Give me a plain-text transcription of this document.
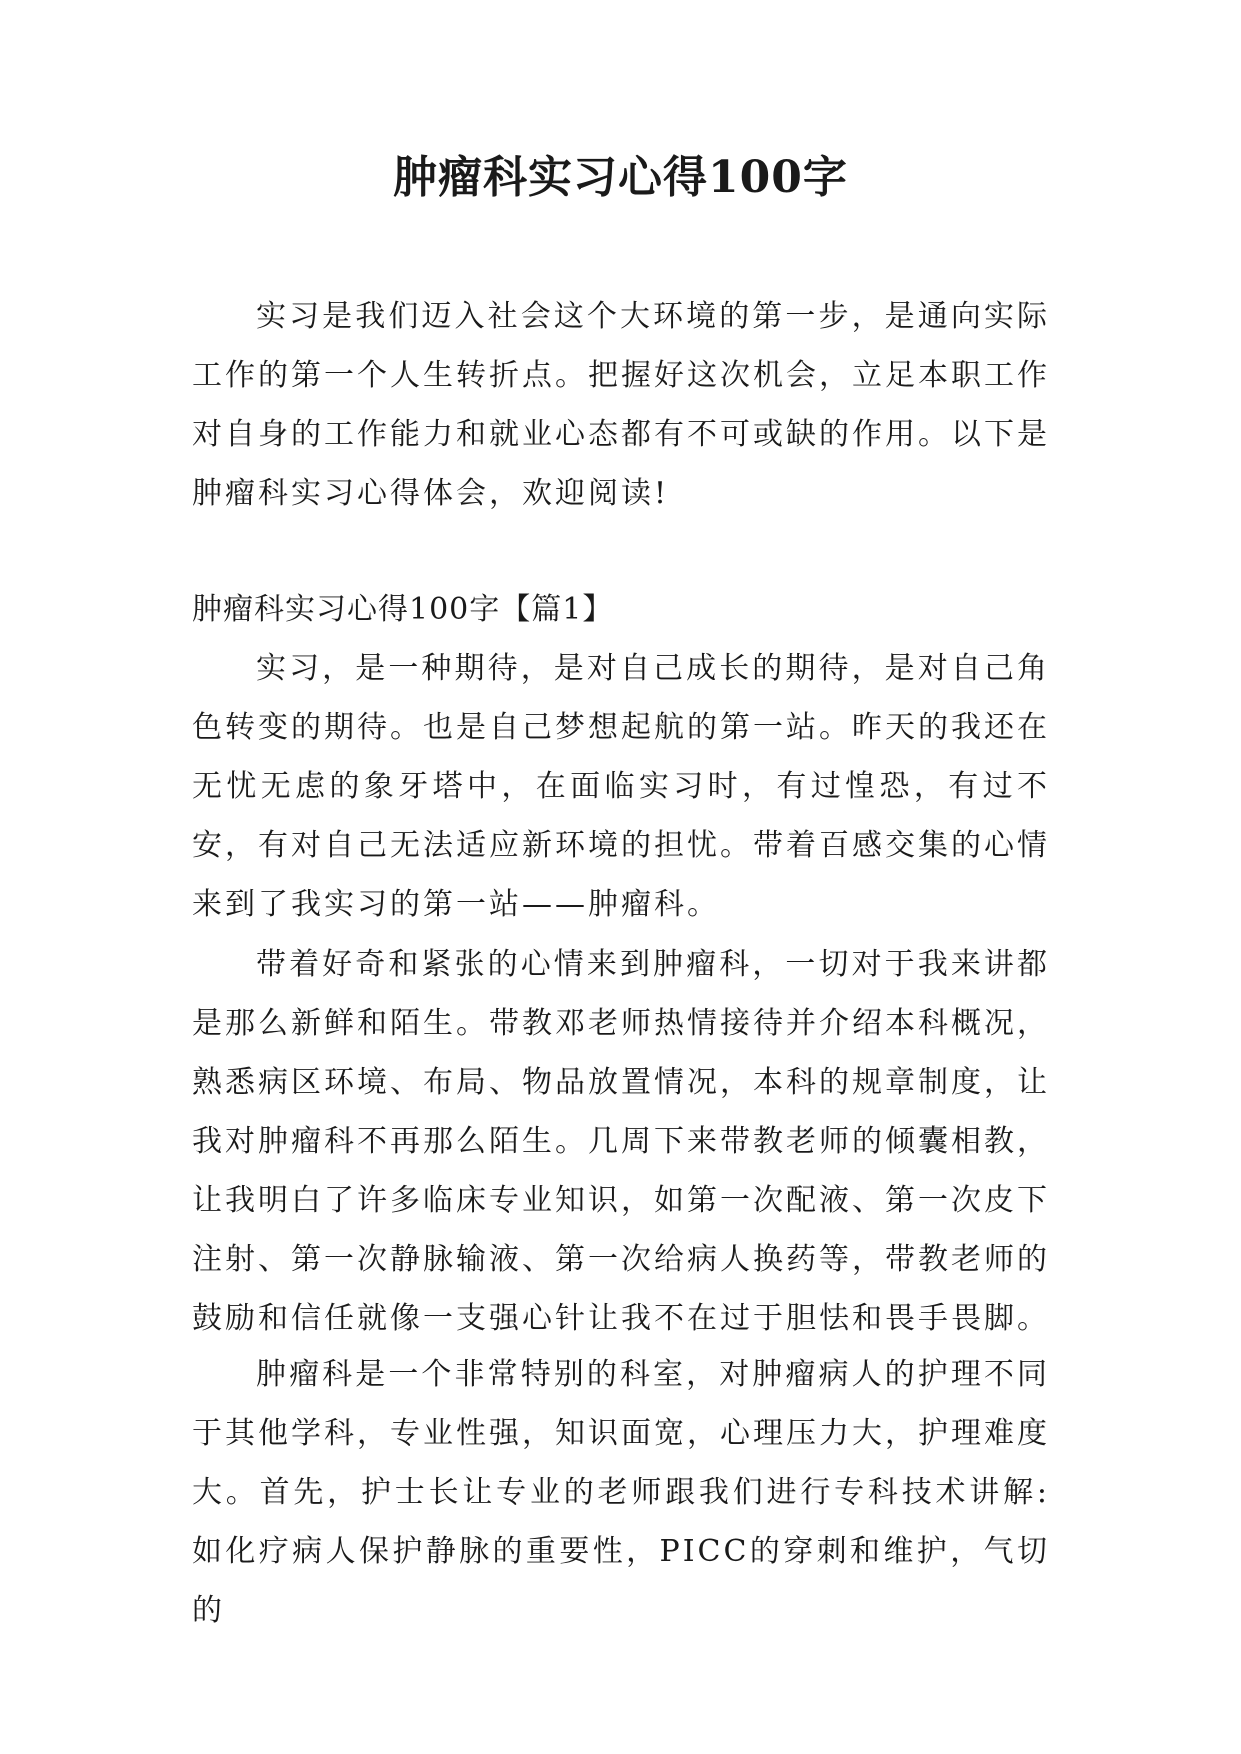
肿瘤科实习心得100字

实习是我们迈入社会这个大环境的第一步，是通向实际工作的第一个人生转折点。把握好这次机会，立足本职工作对自身的工作能力和就业心态都有不可或缺的作用。以下是肿瘤科实习心得体会，欢迎阅读!

肿瘤科实习心得100字【篇1】

实习，是一种期待，是对自己成长的期待，是对自己角色转变的期待。也是自己梦想起航的第一站。昨天的我还在无忧无虑的象牙塔中，在面临实习时，有过惶恐，有过不安，有对自己无法适应新环境的担忧。带着百感交集的心情来到了我实习的第一站——肿瘤科。

带着好奇和紧张的心情来到肿瘤科，一切对于我来讲都是那么新鲜和陌生。带教邓老师热情接待并介绍本科概况，熟悉病区环境、布局、物品放置情况，本科的规章制度，让我对肿瘤科不再那么陌生。几周下来带教老师的倾囊相教，让我明白了许多临床专业知识，如第一次配液、第一次皮下注射、第一次静脉输液、第一次给病人换药等，带教老师的鼓励和信任就像一支强心针让我不在过于胆怯和畏手畏脚。

肿瘤科是一个非常特别的科室，对肿瘤病人的护理不同于其他学科，专业性强，知识面宽，心理压力大，护理难度大。首先，护士长让专业的老师跟我们进行专科技术讲解:如化疗病人保护静脉的重要性，PICC的穿刺和维护，气切的
